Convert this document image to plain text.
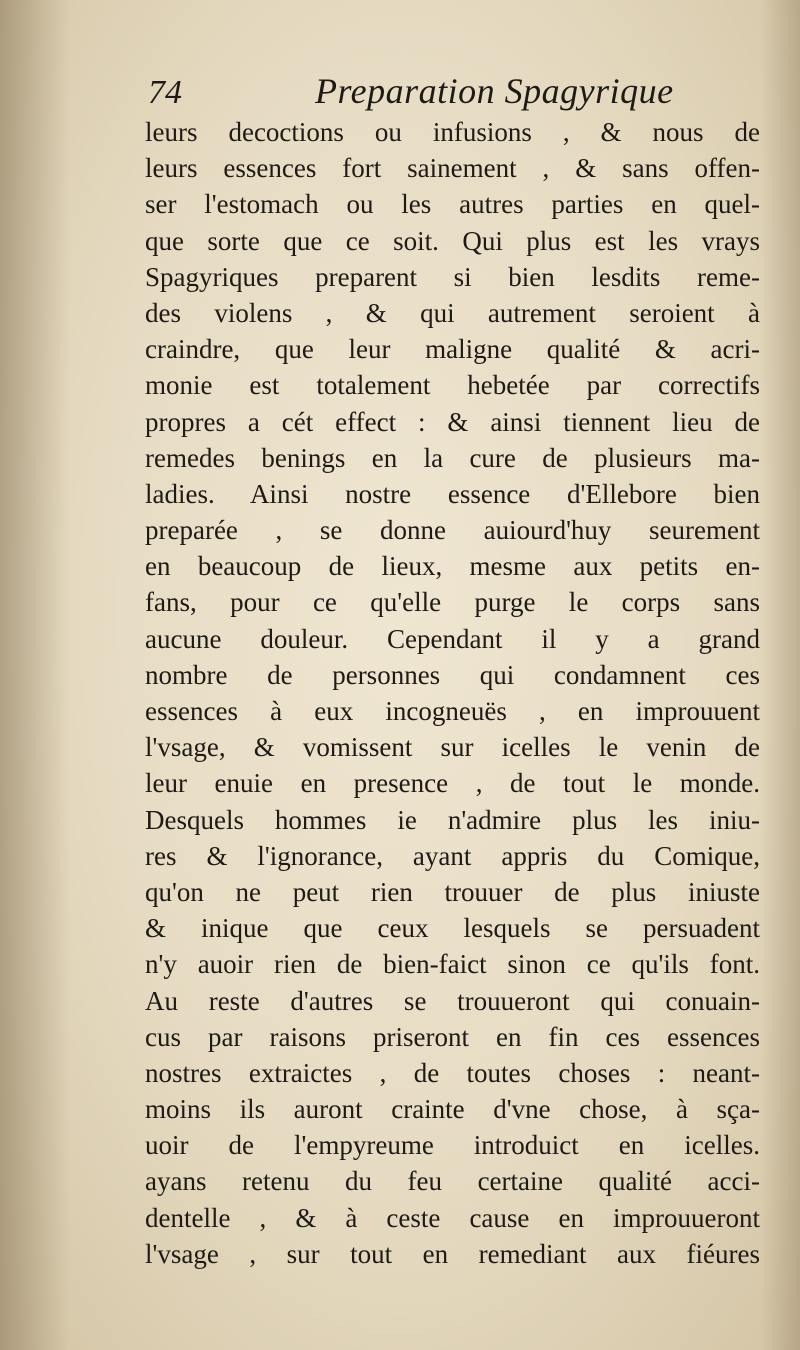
74	Preparation Spagyrique
leurs decoctions ou infusions , & nous de
leurs essences fort sainement , & sans offen-
ser l'estomach ou les autres parties en quel-
que sorte que ce soit. Qui plus est les vrays
Spagyriques preparent si bien lesdits reme-
des violens , & qui autrement seroient à
craindre, que leur maligne qualité & acri-
monie est totalement hebetée par correctifs
propres a cét effect : & ainsi tiennent lieu de
remedes benings en la cure de plusieurs ma-
ladies. Ainsi nostre essence d'Ellebore bien
preparée , se donne auiourd'huy seurement
en beaucoup de lieux, mesme aux petits en-
fans, pour ce qu'elle purge le corps sans
aucune douleur. Cependant il y a grand
nombre de personnes qui condamnent ces
essences à eux incogneuës , en improuuent
l'vsage, & vomissent sur icelles le venin de
leur enuie en presence , de tout le monde.
Desquels hommes ie n'admire plus les iniu-
res & l'ignorance, ayant appris du Comique,
qu'on ne peut rien trouuer de plus iniuste
& inique que ceux lesquels se persuadent
n'y auoir rien de bien-faict sinon ce qu'ils font.
Au reste d'autres se trouueront qui conuain-
cus par raisons priseront en fin ces essences
nostres extraictes , de toutes choses : neant-
moins ils auront crainte d'vne chose, à sça-
uoir de l'empyreume introduict en icelles.
ayans retenu du feu certaine qualité acci-
dentelle , & à ceste cause en improuueront
l'vsage , sur tout en remediant aux fiéures
